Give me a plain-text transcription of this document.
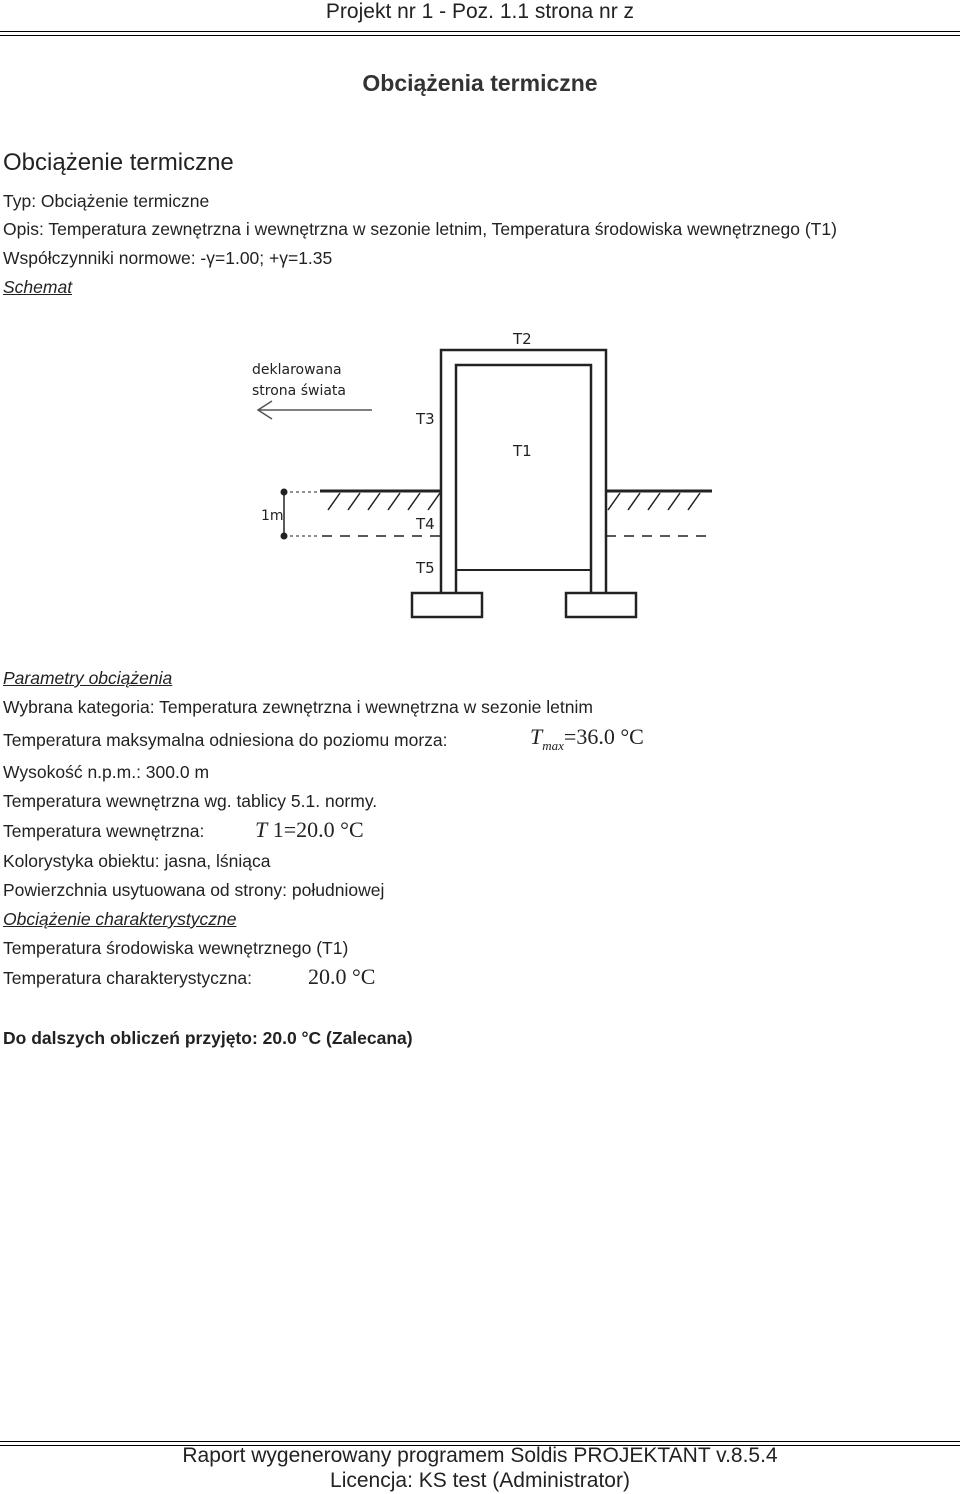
Projekt nr 1 - Poz. 1.1 strona nr z
Obciążenia termiczne
Obciążenie termiczne
Typ: Obciążenie termiczne
Opis: Temperatura zewnętrzna i wewnętrzna w sezonie letnim, Temperatura środowiska wewnętrznego (T1)
Współczynniki normowe: -γ=1.00; +γ=1.35
Schemat
deklarowana
strona świata
1m
T2
T3
T1
T4
T5
Parametry obciążenia
Wybrana kategoria: Temperatura zewnętrzna i wewnętrzna w sezonie letnim
Temperatura maksymalna odniesiona do poziomu morza:	$T_{max}=36.0$ °C
Wysokość n.p.m.: 300.0 m
Temperatura wewnętrzna wg. tablicy 5.1. normy.
Temperatura wewnętrzna: T 1=20.0 °C
Kolorystyka obiektu: jasna, lśniąca
Powierzchnia usytuowana od strony: południowej
Obciążenie charakterystyczne
Temperatura środowiska wewnętrznego (T1)
Temperatura charakterystyczna:	20.0 °C
Do dalszych obliczeń przyjęto: 20.0 °C (Zalecana)
Raport wygenerowany programem Soldis PROJEKTANT v.8.5.4
Licencja: KS test (Administrator)
